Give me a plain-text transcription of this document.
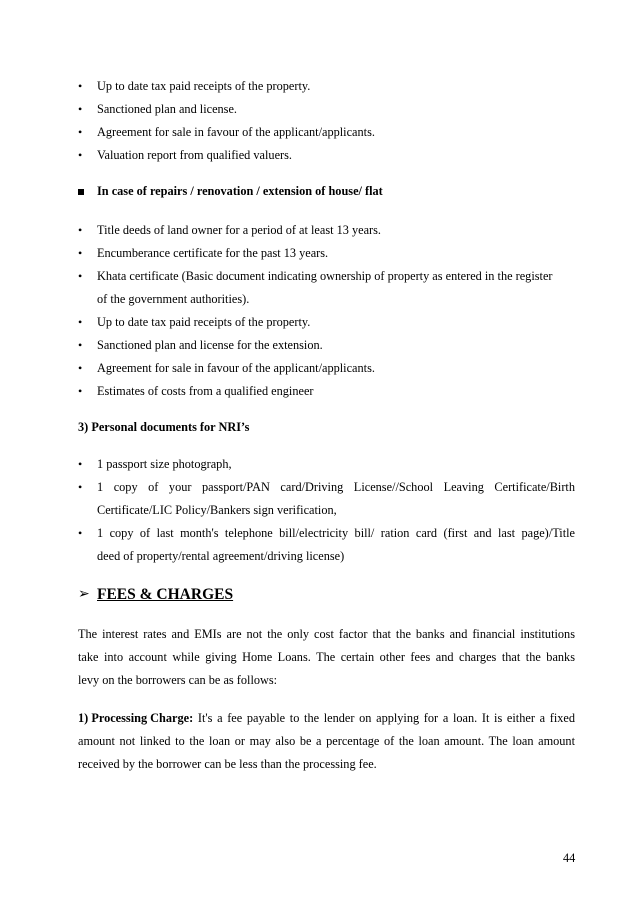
•	Up to date tax paid receipts of the property.
•	Sanctioned plan and license.
•	Agreement for sale in favour of the applicant/applicants.
•	Valuation report from qualified valuers.
In case of repairs / renovation / extension of house/ flat
•	Title deeds of land owner for a period of at least 13 years.
•	Encumberance certificate for the past 13 years.
•	Khata certificate (Basic document indicating ownership of property as entered in the register
of the government authorities).
•	Up to date tax paid receipts of the property.
•	Sanctioned plan and license for the extension.
•	Agreement for sale in favour of the applicant/applicants.
•	Estimates of costs from a qualified engineer
3) Personal documents for NRI’s
•	1 passport size photograph,
•	1 copy of your passport/PAN card/Driving License//School Leaving Certificate/Birth
Certificate/LIC Policy/Bankers sign verification,
•	1 copy of last month's telephone bill/electricity bill/ ration card (first and last page)/Title
deed of property/rental agreement/driving license)
➢ FEES & CHARGES
The interest rates and EMIs are not the only cost factor that the banks and financial institutions
take into account while giving Home Loans. The certain other fees and charges that the banks
levy on the borrowers can be as follows:
1) Processing Charge: It's a fee payable to the lender on applying for a loan. It is either a fixed
amount not linked to the loan or may also be a percentage of the loan amount. The loan amount
received by the borrower can be less than the processing fee.
44
